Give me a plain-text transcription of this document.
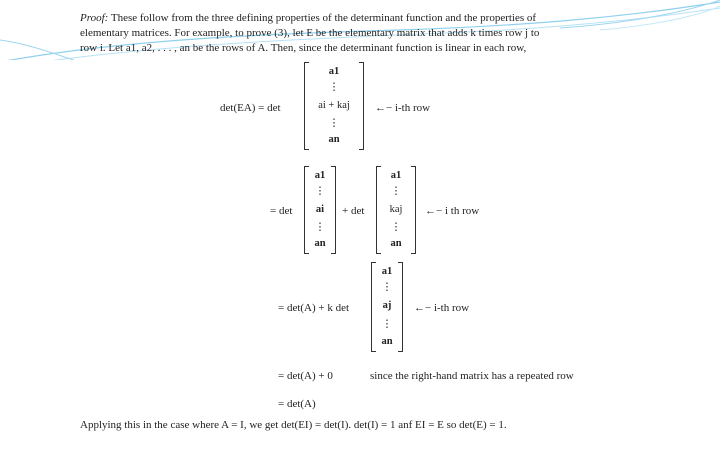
Proof: These follow from the three defining properties of the determinant function and the properties of
elementary matrices. For example, to prove (3), let E be the elementary matrix that adds k times row j to
row i. Let a1, a2, . . . , an be the rows of A. Then, since the determinant function is linear in each row,
det(EA) = det
a1
⋮
ai + kaj
⋮
an
←− i-th row
= det
a1
⋮
ai
⋮
an
+ det
a1
⋮
kaj
⋮
an
←− i th row
= det(A) + k det
a1
⋮
aj
⋮
an
←− i-th row
= det(A) + 0	since the right-hand matrix has a repeated row
= det(A)
Applying this in the case where A = I, we get det(EI) = det(I). det(I) = 1 anf EI = E so det(E) = 1.
